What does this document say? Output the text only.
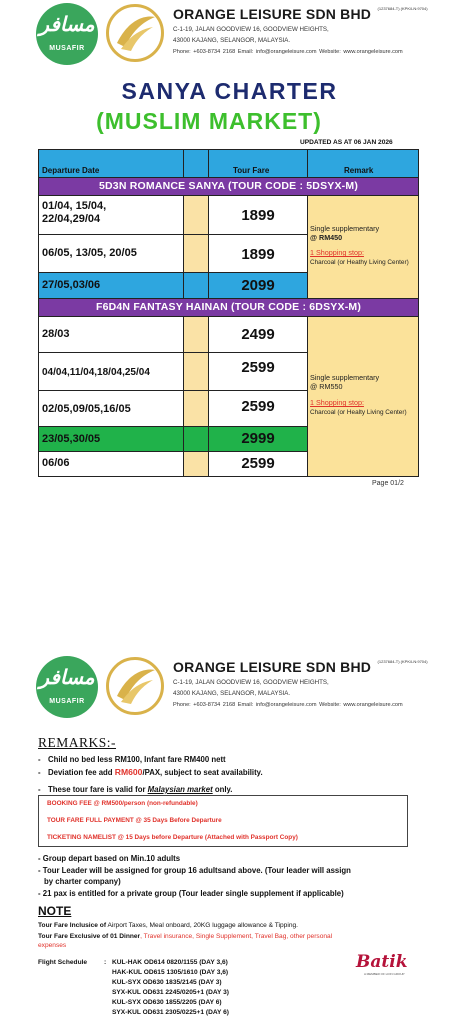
مسافر
MUSAFIR
ORANGE LEISURE SDN BHD $^{(1237684-T) (KPK/LN:9704)}$
C-1-19, JALAN GOODVIEW 16, GOODVIEW HEIGHTS,
43000 KAJANG, SELANGOR, MALAYSIA.
Phone: +603-8734 2168 Email: info@orangeleisure.com Website: www.orangeleisure.com
SANYA CHARTER
(MUSLIM MARKET)
UPDATED AS AT 06 JAN 2026
Departure Date	Tour Fare	Remark
5D3N ROMANCE SANYA (TOUR CODE : 5DSYX-M)
01/04, 15/04,
22/04,29/04	1899
06/05, 13/05, 20/05	1899
27/05,03/06	2099
Single supplementary
@ RM450
1 Shopping stop:
Charcoal (or Heathy Living Center)
F6D4N FANTASY HAINAN (TOUR CODE : 6DSYX-M)
28/03	2499
04/04,11/04,18/04,25/04	2599
02/05,09/05,16/05	2599
23/05,30/05	2999
06/06	2599
Single supplementary
@ RM550
1 Shopping stop:
Charcoal (or Healty Living Center)
Page 01/2
مسافر
MUSAFIR
ORANGE LEISURE SDN BHD $^{(1237684-T) (KPK/LN:9704)}$
C-1-19, JALAN GOODVIEW 16, GOODVIEW HEIGHTS,
43000 KAJANG, SELANGOR, MALAYSIA.
Phone: +603-8734 2168 Email: info@orangeleisure.com Website: www.orangeleisure.com
REMARKS:-
- Child no bed less RM100, Infant fare RM400 nett
- Deviation fee add RM600/PAX, subject to seat availability.
- These tour fare is valid for Malaysian market only.
BOOKING FEE @ RM500/person (non-refundable)
TOUR FARE FULL PAYMENT @ 35 Days Before Departure
TICKETING NAMELIST @ 15 Days before Departure (Attached with Passport Copy)
- Group depart based on Min.10 adults
- Tour Leader will be assigned for group 16 adultsand above. (Tour leader will assign
by charter company)
- 21 pax is entitled for a private group (Tour leader single supplement if applicable)
NOTE
Tour Fare Inclusice of Airport Taxes, Meal onboard, 20KG luggage allowance & Tipping.
Tour Fare Exclusive of 01 Dinner, Travel insurance, Single Supplement, Travel Bag, other personal
expenses
Flight Schedule	: KUL-HAK OD614 0820/1155 (DAY 3,6)
HAK-KUL OD615 1305/1610 (DAY 3,6)
KUL-SYX OD630 1835/2145 (DAY 3)
SYX-KUL OD631 2245/0205+1 (DAY 3)
KUL-SYX OD630 1855/2205 (DAY 6)
SYX-KUL OD631 2305/0225+1 (DAY 6)
Batik
A MEMBER OF LION GROUP
